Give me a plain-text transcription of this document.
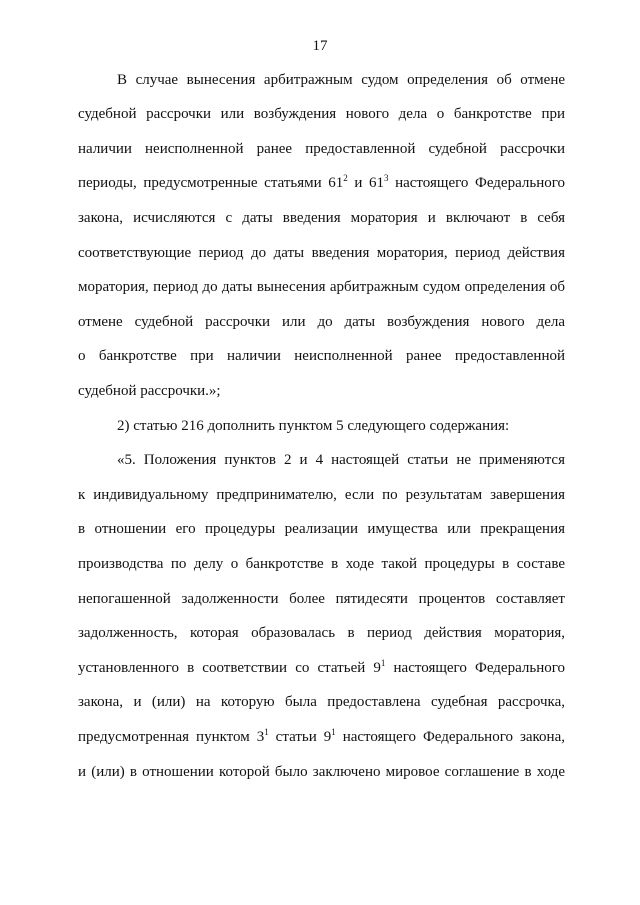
17
В случае вынесения арбитражным судом определения об отмене
судебной рассрочки или возбуждения нового дела о банкротстве при
наличии неисполненной ранее предоставленной судебной рассрочки
периоды, предусмотренные статьями $61^2$ и $61^3$ настоящего Федерального
закона, исчисляются с даты введения моратория и включают в себя
соответствующие период до даты введения моратория, период действия
моратория, период до даты вынесения арбитражным судом определения об
отмене судебной рассрочки или до даты возбуждения нового дела
о банкротстве при наличии неисполненной ранее предоставленной
судебной рассрочки.»;
2) статью 216 дополнить пунктом 5 следующего содержания:
«5. Положения пунктов 2 и 4 настоящей статьи не применяются
к индивидуальному предпринимателю, если по результатам завершения
в отношении его процедуры реализации имущества или прекращения
производства по делу о банкротстве в ходе такой процедуры в составе
непогашенной задолженности более пятидесяти процентов составляет
задолженность, которая образовалась в период действия моратория,
установленного в соответствии со статьей $9^1$ настоящего Федерального
закона, и (или) на которую была предоставлена судебная рассрочка,
предусмотренная пунктом $3^1$ статьи $9^1$ настоящего Федерального закона,
и (или) в отношении которой было заключено мировое соглашение в ходе
